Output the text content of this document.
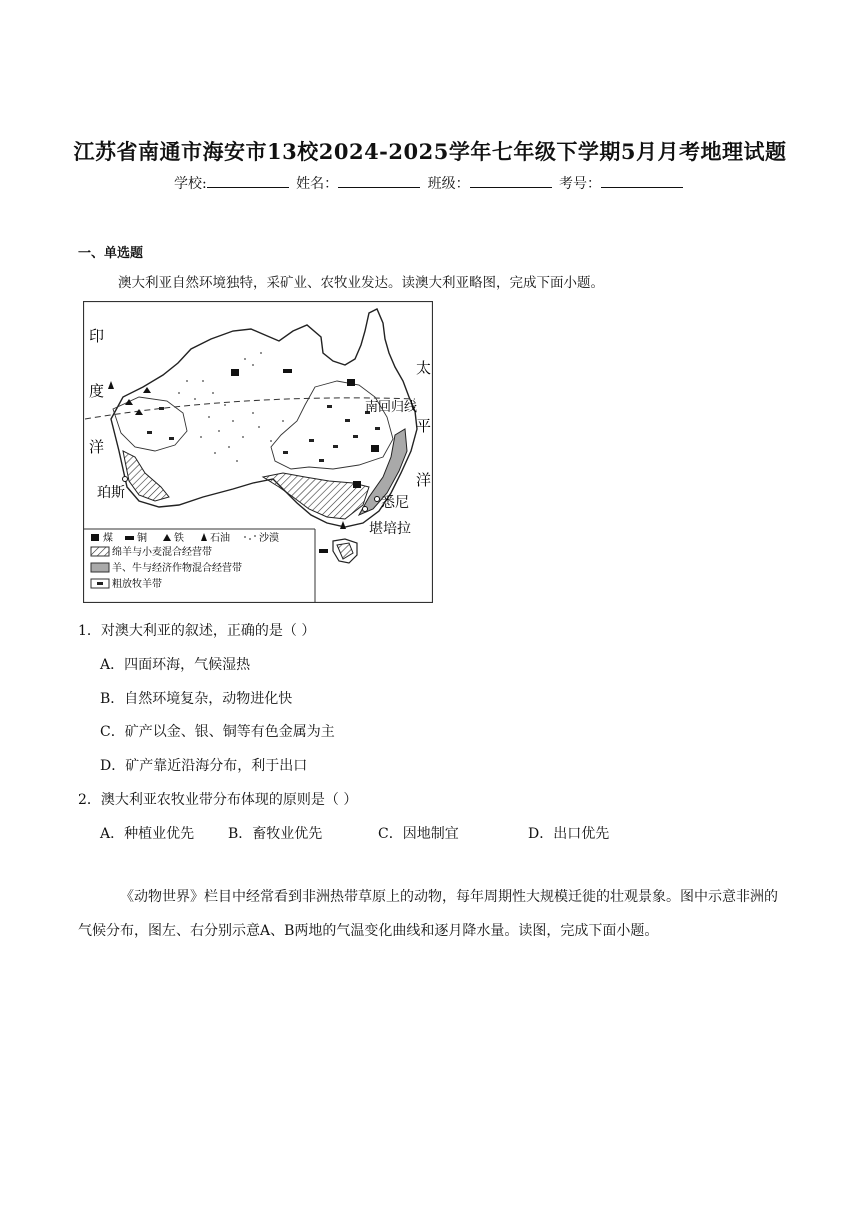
江苏省南通市海安市13校2024-2025学年七年级下学期5月月考地理试题
学校:	姓名：	班级：	考号：
一、单选题
澳大利亚自然环境独特，采矿业、农牧业发达。读澳大利亚略图，完成下面小题。
印
度
洋
太
平
洋
南回归线
珀斯
悉尼
堪培拉
煤 铜	铁	石油	沙漠
绵羊与小麦混合经营带
羊、牛与经济作物混合经营带
粗放牧羊带
1．对澳大利亚的叙述，正确的是（ ）
A．四面环海，气候湿热
B．自然环境复杂，动物进化快
C．矿产以金、银、铜等有色金属为主
D．矿产靠近沿海分布，利于出口
2．澳大利亚农牧业带分布体现的原则是（ ）
A．种植业优先 B．畜牧业优先	C．因地制宜	D．出口优先
《动物世界》栏目中经常看到非洲热带草原上的动物，每年周期性大规模迁徙的壮观景象。图中示意非洲的气候分布，图左、右分别示意A、B两地的气温变化曲线和逐月降水量。读图，完成下面小题。
